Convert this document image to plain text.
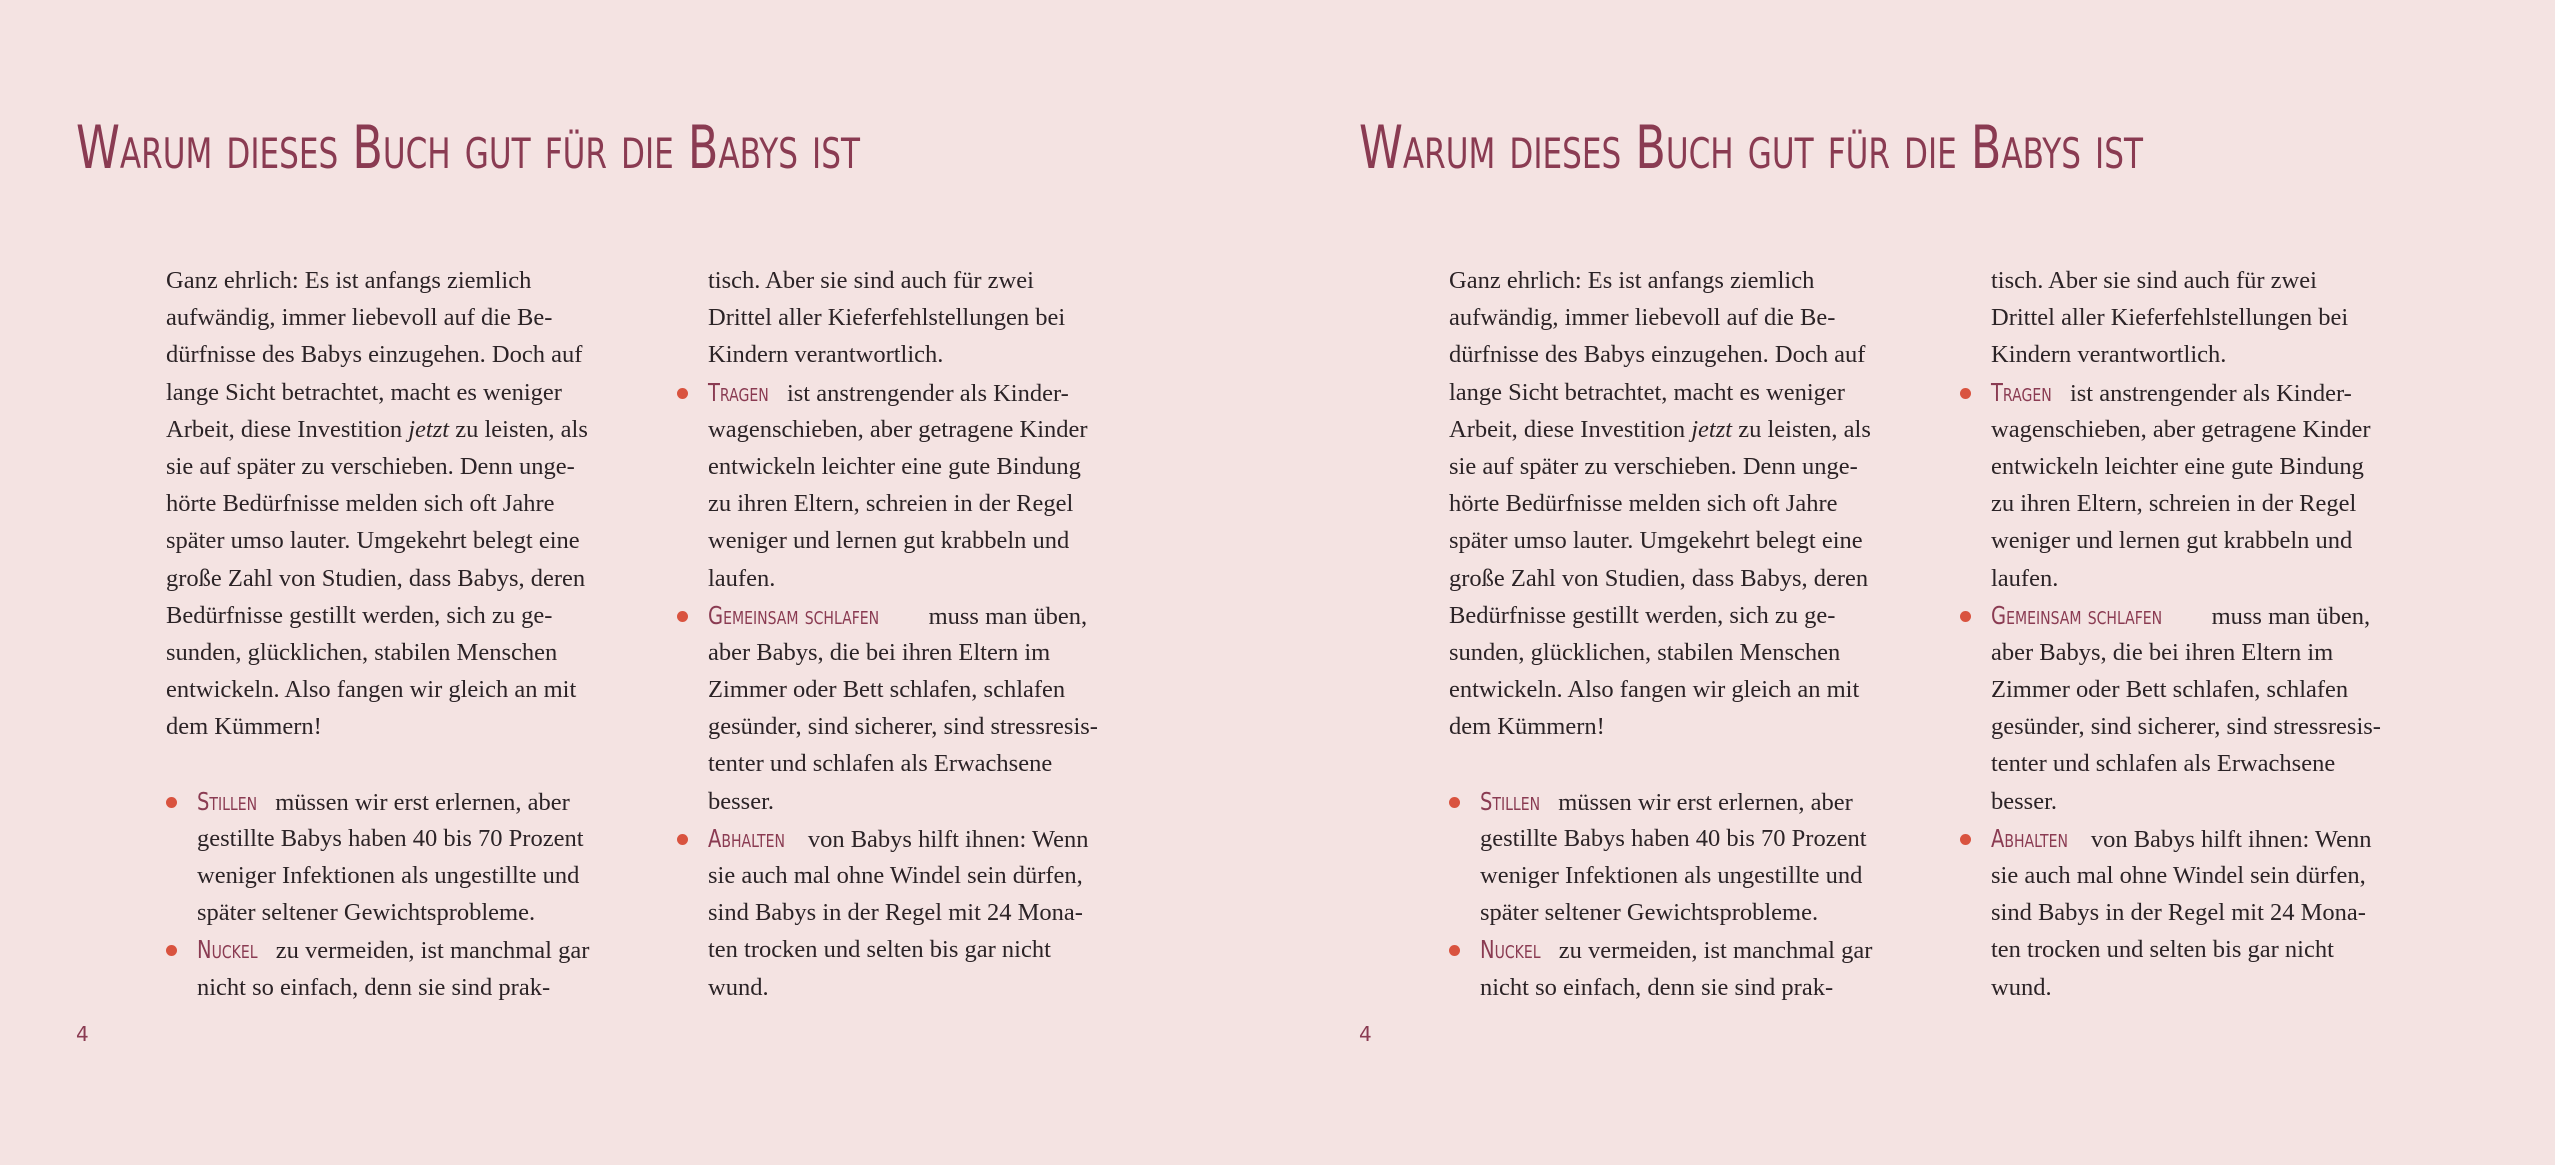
Warum dieses Buch gut für die Babys ist
Ganz ehrlich: Es ist anfangs ziemlich
aufwändig, immer liebevoll auf die Be-
dürfnisse des Babys einzugehen. Doch auf
lange Sicht betrachtet, macht es weniger
Arbeit, diese Investition jetzt zu leisten, als
sie auf später zu verschieben. Denn unge-
hörte Bedürfnisse melden sich oft Jahre
später umso lauter. Umgekehrt belegt eine
große Zahl von Studien, dass Babys, deren
Bedürfnisse gestillt werden, sich zu ge-
sunden, glücklichen, stabilen Menschen
entwickeln. Also fangen wir gleich an mit
dem Kümmern!
Stillen müssen wir erst erlernen, aber
gestillte Babys haben 40 bis 70 Prozent
weniger Infektionen als ungestillte und
später seltener Gewichtsprobleme.
Nuckel zu vermeiden, ist manchmal gar
nicht so einfach, denn sie sind prak-
tisch. Aber sie sind auch für zwei
Drittel aller Kieferfehlstellungen bei
Kindern verantwortlich.
Tragen ist anstrengender als Kinder-
wagenschieben, aber getragene Kinder
entwickeln leichter eine gute Bindung
zu ihren Eltern, schreien in der Regel
weniger und lernen gut krabbeln und
laufen.
Gemeinsam schlafen muss man üben,
aber Babys, die bei ihren Eltern im
Zimmer oder Bett schlafen, schlafen
gesünder, sind sicherer, sind stressresis-
tenter und schlafen als Erwachsene
besser.
Abhalten von Babys hilft ihnen: Wenn
sie auch mal ohne Windel sein dürfen,
sind Babys in der Regel mit 24 Mona-
ten trocken und selten bis gar nicht
wund.
4
Warum dieses Buch gut für die Babys ist
Ganz ehrlich: Es ist anfangs ziemlich
aufwändig, immer liebevoll auf die Be-
dürfnisse des Babys einzugehen. Doch auf
lange Sicht betrachtet, macht es weniger
Arbeit, diese Investition jetzt zu leisten, als
sie auf später zu verschieben. Denn unge-
hörte Bedürfnisse melden sich oft Jahre
später umso lauter. Umgekehrt belegt eine
große Zahl von Studien, dass Babys, deren
Bedürfnisse gestillt werden, sich zu ge-
sunden, glücklichen, stabilen Menschen
entwickeln. Also fangen wir gleich an mit
dem Kümmern!
Stillen müssen wir erst erlernen, aber
gestillte Babys haben 40 bis 70 Prozent
weniger Infektionen als ungestillte und
später seltener Gewichtsprobleme.
Nuckel zu vermeiden, ist manchmal gar
nicht so einfach, denn sie sind prak-
tisch. Aber sie sind auch für zwei
Drittel aller Kieferfehlstellungen bei
Kindern verantwortlich.
Tragen ist anstrengender als Kinder-
wagenschieben, aber getragene Kinder
entwickeln leichter eine gute Bindung
zu ihren Eltern, schreien in der Regel
weniger und lernen gut krabbeln und
laufen.
Gemeinsam schlafen muss man üben,
aber Babys, die bei ihren Eltern im
Zimmer oder Bett schlafen, schlafen
gesünder, sind sicherer, sind stressresis-
tenter und schlafen als Erwachsene
besser.
Abhalten von Babys hilft ihnen: Wenn
sie auch mal ohne Windel sein dürfen,
sind Babys in der Regel mit 24 Mona-
ten trocken und selten bis gar nicht
wund.
4
